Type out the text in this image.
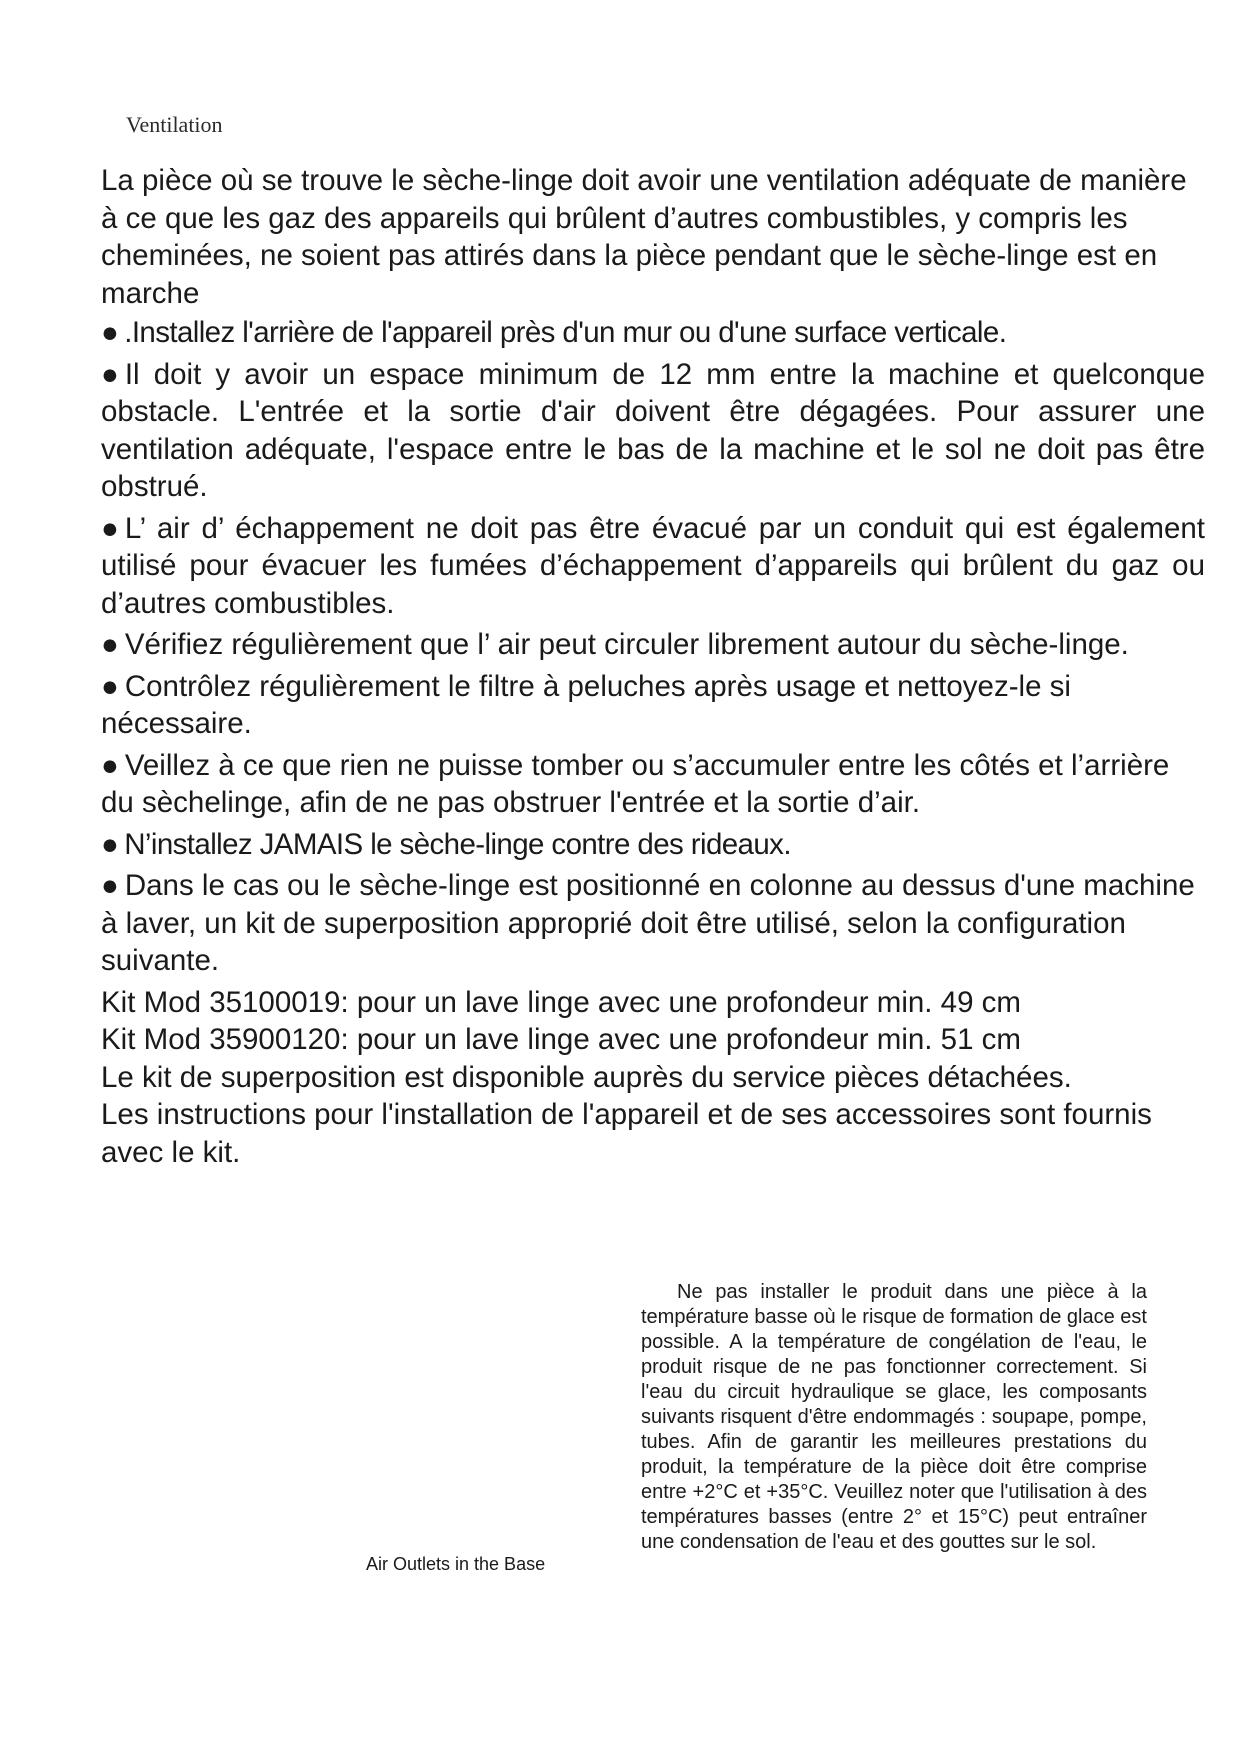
Ventilation

La pièce où se trouve le sèche-linge doit avoir une ventilation adéquate de manière à ce que les gaz des appareils qui brûlent d’autres combustibles, y compris les cheminées, ne soient pas attirés dans la pièce pendant que le sèche-linge est en marche

● .Installez l'arrière de l'appareil près d'un mur ou d'une surface verticale.

● Il doit y avoir un espace minimum de 12 mm entre la machine et quelconque obstacle. L'entrée et la sortie d'air doivent être dégagées. Pour assurer une ventilation adéquate, l'espace entre le bas de la machine et le sol ne doit pas être obstrué.

● L’ air d’ échappement ne doit pas être évacué par un conduit qui est également utilisé pour évacuer les fumées d’échappement d’appareils qui brûlent du gaz ou d’autres combustibles.

● Vérifiez régulièrement que l’ air peut circuler librement autour du sèche-linge.

● Contrôlez régulièrement le filtre à peluches après usage et nettoyez-le si nécessaire.

● Veillez à ce que rien ne puisse tomber ou s’accumuler entre les côtés et l’arrière du sèchelinge, afin de ne pas obstruer l'entrée et la sortie d’air.

● N’installez JAMAIS le sèche-linge contre des rideaux.

● Dans le cas ou le sèche-linge est positionné en colonne au dessus d'une machine à laver, un kit de superposition approprié doit être utilisé, selon la configuration suivante.

Kit Mod 35100019: pour un lave linge avec une profondeur min. 49 cm

Kit Mod 35900120: pour un lave linge avec une profondeur min. 51 cm

Le kit de superposition est disponible auprès du service pièces détachées.

Les instructions pour l'installation de l'appareil et de ses accessoires sont fournis avec le kit.

Air Outlets in the Base
Ne pas installer le produit dans une pièce à la température basse où le risque de formation de glace est possible. A la température de congélation de l'eau, le produit risque de ne pas fonctionner correctement. Si l'eau du circuit hydraulique se glace, les composants suivants risquent d'être endommagés : soupape, pompe, tubes. Afin de garantir les meilleures prestations du produit, la température de la pièce doit être comprise entre +2°C et +35°C. Veuillez noter que l'utilisation à des températures basses (entre 2° et 15°C) peut entraîner une condensation de l'eau et des gouttes sur le sol.
